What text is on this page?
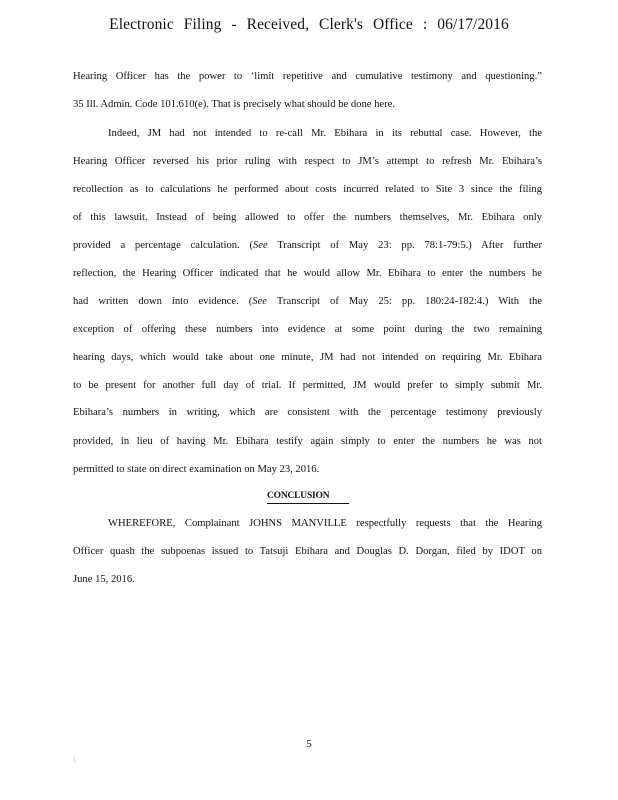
Electronic Filing - Received, Clerk's Office : 06/17/2016
Hearing Officer has the power to ‘limit repetitive and cumulative testimony and questioning.”
35 Ill. Admin. Code 101.610(e). That is precisely what should be done here.
Indeed, JM had not intended to re-call Mr. Ebihara in its rebuttal case. However, the
Hearing Officer reversed his prior ruling with respect to JM’s attempt to refresh Mr. Ebihara’s
recollection as to calculations he performed about costs incurred related to Site 3 since the filing
of this lawsuit. Instead of being allowed to offer the numbers themselves, Mr. Ebihara only
provided a percentage calculation. (See Transcript of May 23: pp. 78:1-79:5.) After further
reflection, the Hearing Officer indicated that he would allow Mr. Ebihara to enter the numbers he
had written down into evidence. (See Transcript of May 25: pp. 180:24-182:4.) With the
exception of offering these numbers into evidence at some point during the two remaining
hearing days, which would take about one minute, JM had not intended on requiring Mr. Ebihara
to be present for another full day of trial. If permitted, JM would prefer to simply submit Mr.
Ebihara’s numbers in writing, which are consistent with the percentage testimony previously
provided, in lieu of having Mr. Ebihara testify again simply to enter the numbers he was not
permitted to state on direct examination on May 23, 2016.
CONCLUSION
WHEREFORE, Complainant JOHNS MANVILLE respectfully requests that the Hearing
Officer quash the subpoenas issued to Tatsuji Ebihara and Douglas D. Dorgan, filed by IDOT on
June 15, 2016.
5
\
